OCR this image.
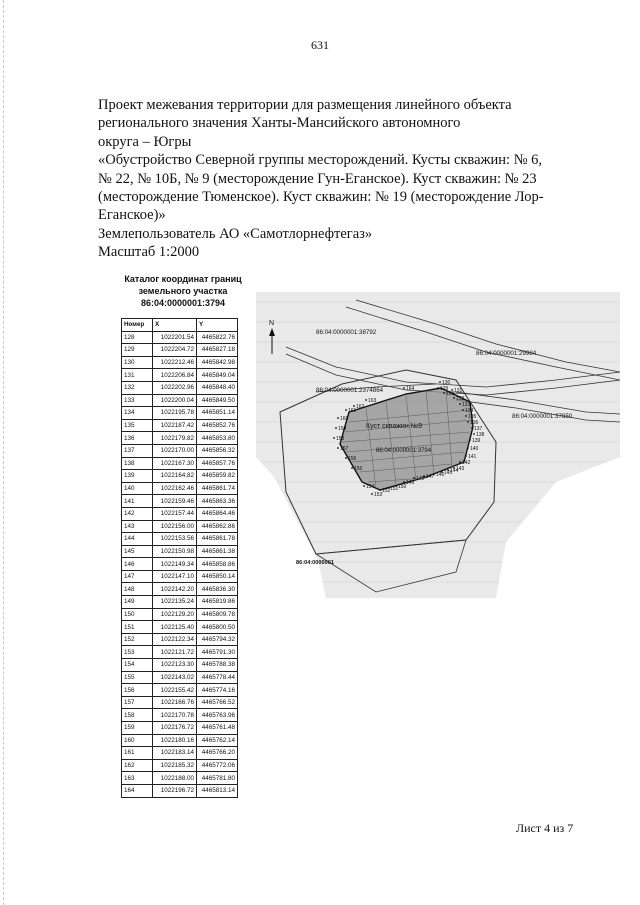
631
Проект межевания территории для размещения линейного объекта
регионального значения Ханты-Мансийского автономного
округа – Югры
«Обустройство Северной группы месторождений. Кусты скважин: № 6,
№ 22, № 10Б, № 9 (месторождение Гун-Еганское). Куст скважин: № 23
(месторождение Тюменское). Куст скважин: № 19 (месторождение Лор-
Еганское)»
Землепользователь АО «Самотлорнефтегаз»
Масштаб 1:2000
Каталог координат границ
земельного участка
86:04:0000001:3794
Номер	X	Y
128	1022201.54	4465822.76
129	1022204.72	4465827.18
130	1022212.46	4465842.98
131	1022206.84	4465849.04
132	1022202.96	4465848.40
133	1022200.04	4465849.50
134	1022195.78	4465851.14
135	1022187.42	4465852.76
136	1022179.82	4465853.80
137	1022170.00	4465856.32
138	1022167.30	4465857.76
139	1022164.82	4465859.82
140	1022162.46	4465861.74
141	1022159.46	4465863.36
142	1022157.44	4465864.46
143	1022156.00	4465862.86
144	1022153.56	4465861.78
145	1022150.98	4465861.38
146	1022149.34	4465858.86
147	1022147.10	4465850.14
148	1022142.20	4465836.30
149	1022135.24	4465819.86
150	1022129.20	4465809.78
151	1022125.40	4465800.50
152	1022122.34	4465794.32
153	1022121.72	4465791.30
154	1022123.30	4465788.38
155	1022143.02	4465778.44
156	1022155.42	4465774.16
157	1022166.76	4465766.52
158	1022170.78	4465763.96
159	1022176.72	4465761.48
160	1022180.16	4465762.14
161	1022183.14	4465766.20
162	1022185.32	4465772.06
163	1022188.00	4465781.80
164	1022196.72	4465813.14
N
86:04:0000001:38792
86:04:0000001:29984
86:04:0000001:2374864
86:04:0000001:37850
86:04:0000001:3794
86:04:0000001
Куст скважин №9
128
129
130
131
132
133
134
135
136
137
138
139
140
141
142
143
144
145
146
147
148
149
150
151
152
153
154
155
156
157
158
159
160
161
162
163
164
Лист 4 из 7
